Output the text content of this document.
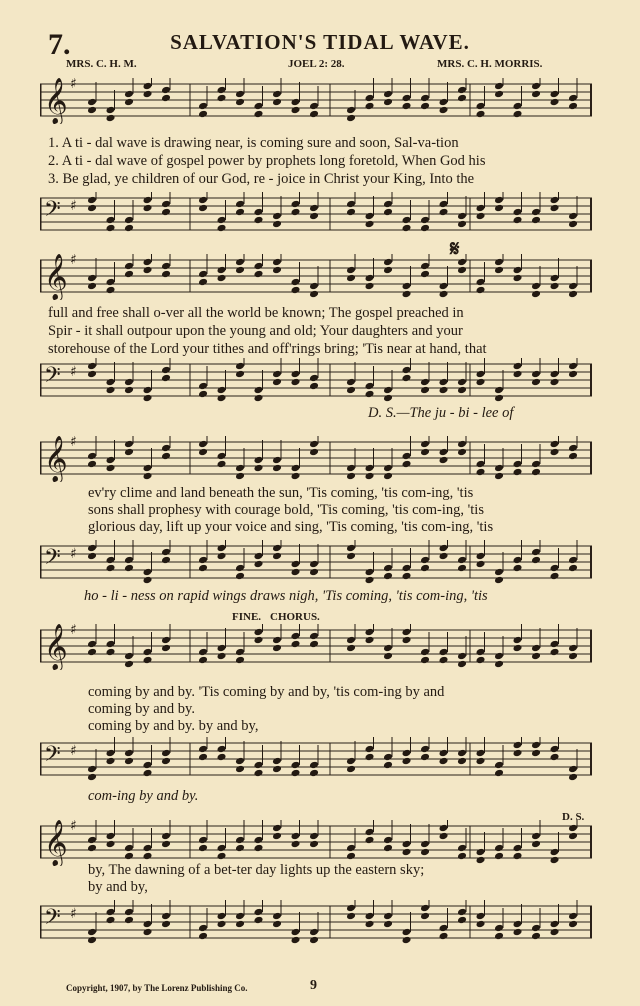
7.	SALVATION'S TIDAL WAVE.
MRS. C. H. M.	JOEL 2: 28.	MRS. C. H. MORRIS.
𝄞 ♯
1. A ti - dal wave is drawing near, is coming sure and soon, Sal-va-tion
2. A ti - dal wave of gospel power by prophets long foretold, When God his
3. Be glad, ye children of our God, re - joice in Christ your King, Into the
𝄢 ♯
𝄋
𝄞 ♯
full and free shall o-ver all the world be known; The gospel preached in
Spir - it shall outpour upon the young and old; Your daughters and your
storehouse of the Lord your tithes and off'rings bring; 'Tis near at hand, that
𝄢 ♯
D. S.—The ju - bi - lee of
𝄞 ♯
ev'ry clime and land beneath the sun, 'Tis coming, 'tis com-ing, 'tis
sons shall prophesy with courage bold, 'Tis coming, 'tis com-ing, 'tis
glorious day, lift up your voice and sing, 'Tis coming, 'tis com-ing, 'tis
𝄢 ♯
ho - li - ness on rapid wings draws nigh, 'Tis coming, 'tis com-ing, 'tis
FINE. CHORUS.
𝄞 ♯
coming by and by. 'Tis coming by and by, 'tis com-ing by and
coming by and by.
coming by and by. by and by,
𝄢 ♯
com-ing by and by.
D. S.
𝄞 ♯
by, The dawning of a bet-ter day lights up the eastern sky;
by and by,
𝄢 ♯
Copyright, 1907, by The Lorenz Publishing Co.	9
